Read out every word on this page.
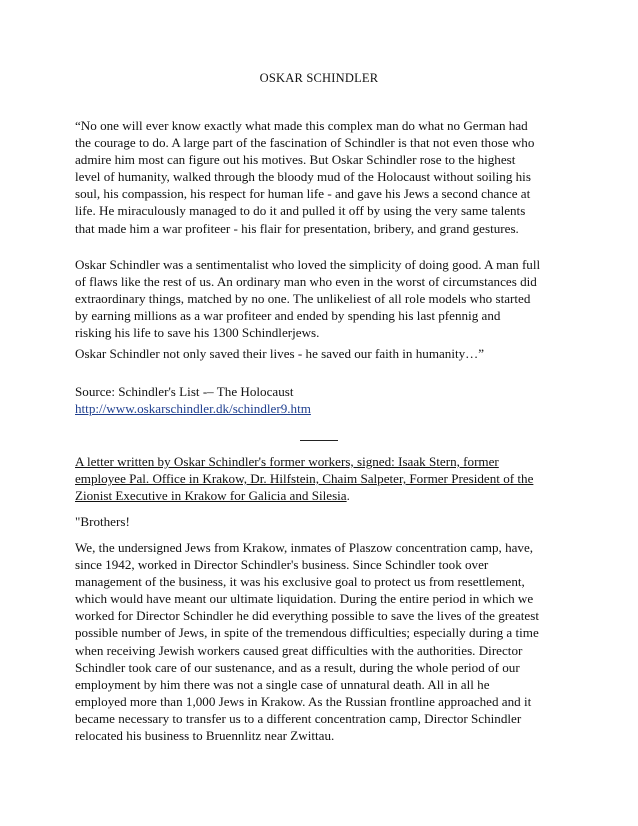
OSKAR SCHINDLER
“No one will ever know exactly what made this complex man do what no German had
the courage to do. A large part of the fascination of Schindler is that not even those who
admire him most can figure out his motives. But Oskar Schindler rose to the highest
level of humanity, walked through the bloody mud of the Holocaust without soiling his
soul, his compassion, his respect for human life - and gave his Jews a second chance at
life. He miraculously managed to do it and pulled it off by using the very same talents
that made him a war profiteer - his flair for presentation, bribery, and grand gestures.
Oskar Schindler was a sentimentalist who loved the simplicity of doing good. A man full
of flaws like the rest of us. An ordinary man who even in the worst of circumstances did
extraordinary things, matched by no one. The unlikeliest of all role models who started
by earning millions as a war profiteer and ended by spending his last pfennig and
risking his life to save his 1300 Schindlerjews.
Oskar Schindler not only saved their lives - he saved our faith in humanity…”
Source: Schindler's List -– The Holocaust
http://www.oskarschindler.dk/schindler9.htm
A letter written by Oskar Schindler's former workers, signed: Isaak Stern, former
employee Pal. Office in Krakow, Dr. Hilfstein, Chaim Salpeter, Former President of the
Zionist Executive in Krakow for Galicia and Silesia.
"Brothers!
We, the undersigned Jews from Krakow, inmates of Plaszow concentration camp, have,
since 1942, worked in Director Schindler's business. Since Schindler took over
management of the business, it was his exclusive goal to protect us from resettlement,
which would have meant our ultimate liquidation. During the entire period in which we
worked for Director Schindler he did everything possible to save the lives of the greatest
possible number of Jews, in spite of the tremendous difficulties; especially during a time
when receiving Jewish workers caused great difficulties with the authorities. Director
Schindler took care of our sustenance, and as a result, during the whole period of our
employment by him there was not a single case of unnatural death. All in all he
employed more than 1,000 Jews in Krakow. As the Russian frontline approached and it
became necessary to transfer us to a different concentration camp, Director Schindler
relocated his business to Bruennlitz near Zwittau.
